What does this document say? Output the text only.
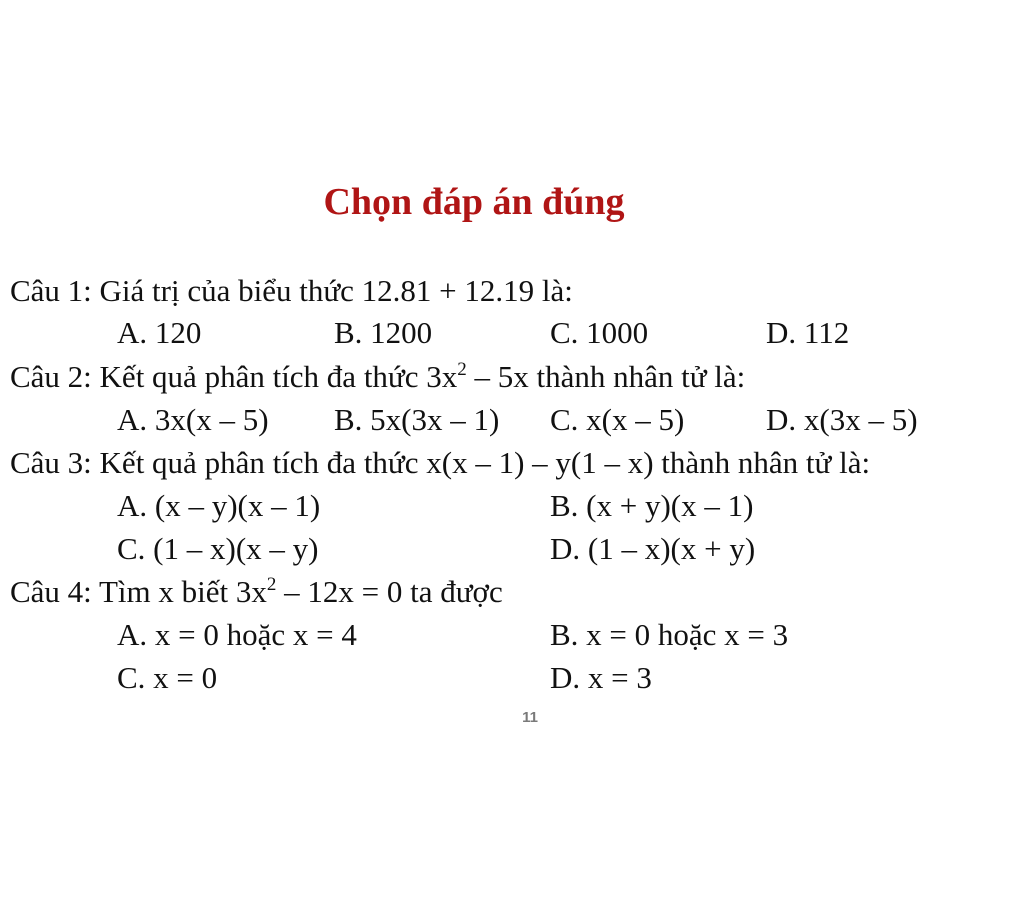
Chọn đáp án đúng
Câu 1: Giá trị của biểu thức 12.81 + 12.19 là:
A. 120	B. 1200	C. 1000	D. 112
Câu 2: Kết quả phân tích đa thức $3x^2 - 5x$ thành nhân tử là:
A. 3x(x – 5) B. 5x(3x – 1) C. x(x – 5)	D. x(3x – 5)
Câu 3: Kết quả phân tích đa thức x(x – 1) – y(1 – x) thành nhân tử là:
A. (x – y)(x – 1)	B. (x + y)(x – 1)
C. (1 – x)(x – y)	D. (1 – x)(x + y)
Câu 4: Tìm x biết $3x^2 - 12x = 0$ ta được
A. x = 0 hoặc x = 4	B. x = 0 hoặc x = 3
C. x = 0	D. x = 3
11
